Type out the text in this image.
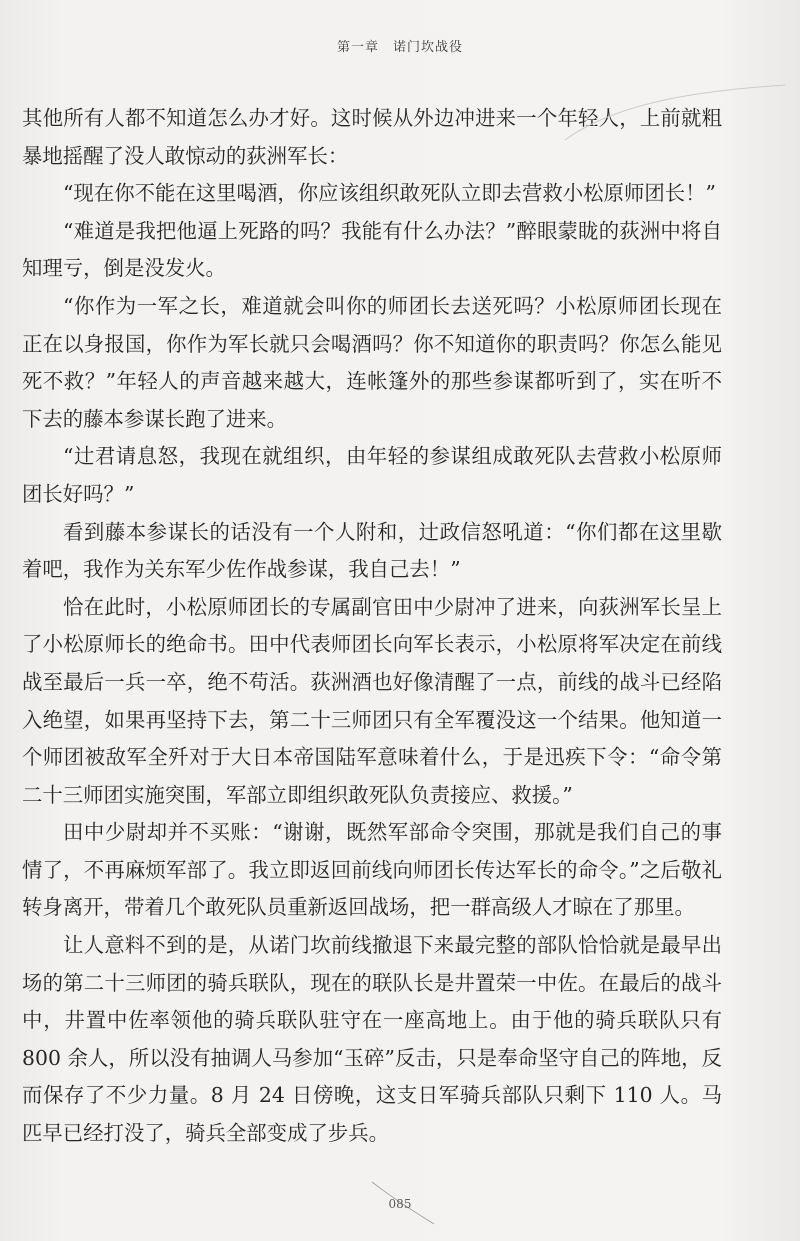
第一章　诺门坎战役

其他所有人都不知道怎么办才好。这时候从外边冲进来一个年轻人，上前就粗暴地摇醒了没人敢惊动的荻洲军长：

“现在你不能在这里喝酒，你应该组织敢死队立即去营救小松原师团长！”

“难道是我把他逼上死路的吗？我能有什么办法？”醉眼蒙眬的荻洲中将自知理亏，倒是没发火。

“你作为一军之长，难道就会叫你的师团长去送死吗？小松原师团长现在正在以身报国，你作为军长就只会喝酒吗？你不知道你的职责吗？你怎么能见死不救？”年轻人的声音越来越大，连帐篷外的那些参谋都听到了，实在听不下去的藤本参谋长跑了进来。

“辻君请息怒，我现在就组织，由年轻的参谋组成敢死队去营救小松原师团长好吗？”

看到藤本参谋长的话没有一个人附和，辻政信怒吼道：“你们都在这里歇着吧，我作为关东军少佐作战参谋，我自己去！”

恰在此时，小松原师团长的专属副官田中少尉冲了进来，向荻洲军长呈上了小松原师长的绝命书。田中代表师团长向军长表示，小松原将军决定在前线战至最后一兵一卒，绝不苟活。荻洲酒也好像清醒了一点，前线的战斗已经陷入绝望，如果再坚持下去，第二十三师团只有全军覆没这一个结果。他知道一个师团被敌军全歼对于大日本帝国陆军意味着什么，于是迅疾下令：“命令第二十三师团实施突围，军部立即组织敢死队负责接应、救援。”

田中少尉却并不买账：“谢谢，既然军部命令突围，那就是我们自己的事情了，不再麻烦军部了。我立即返回前线向师团长传达军长的命令。”之后敬礼转身离开，带着几个敢死队员重新返回战场，把一群高级人才晾在了那里。

让人意料不到的是，从诺门坎前线撤退下来最完整的部队恰恰就是最早出场的第二十三师团的骑兵联队，现在的联队长是井置荣一中佐。在最后的战斗中，井置中佐率领他的骑兵联队驻守在一座高地上。由于他的骑兵联队只有 800 余人，所以没有抽调人马参加“玉碎”反击，只是奉命坚守自己的阵地，反而保存了不少力量。8 月 24 日傍晚，这支日军骑兵部队只剩下 110 人。马匹早已经打没了，骑兵全部变成了步兵。

085
